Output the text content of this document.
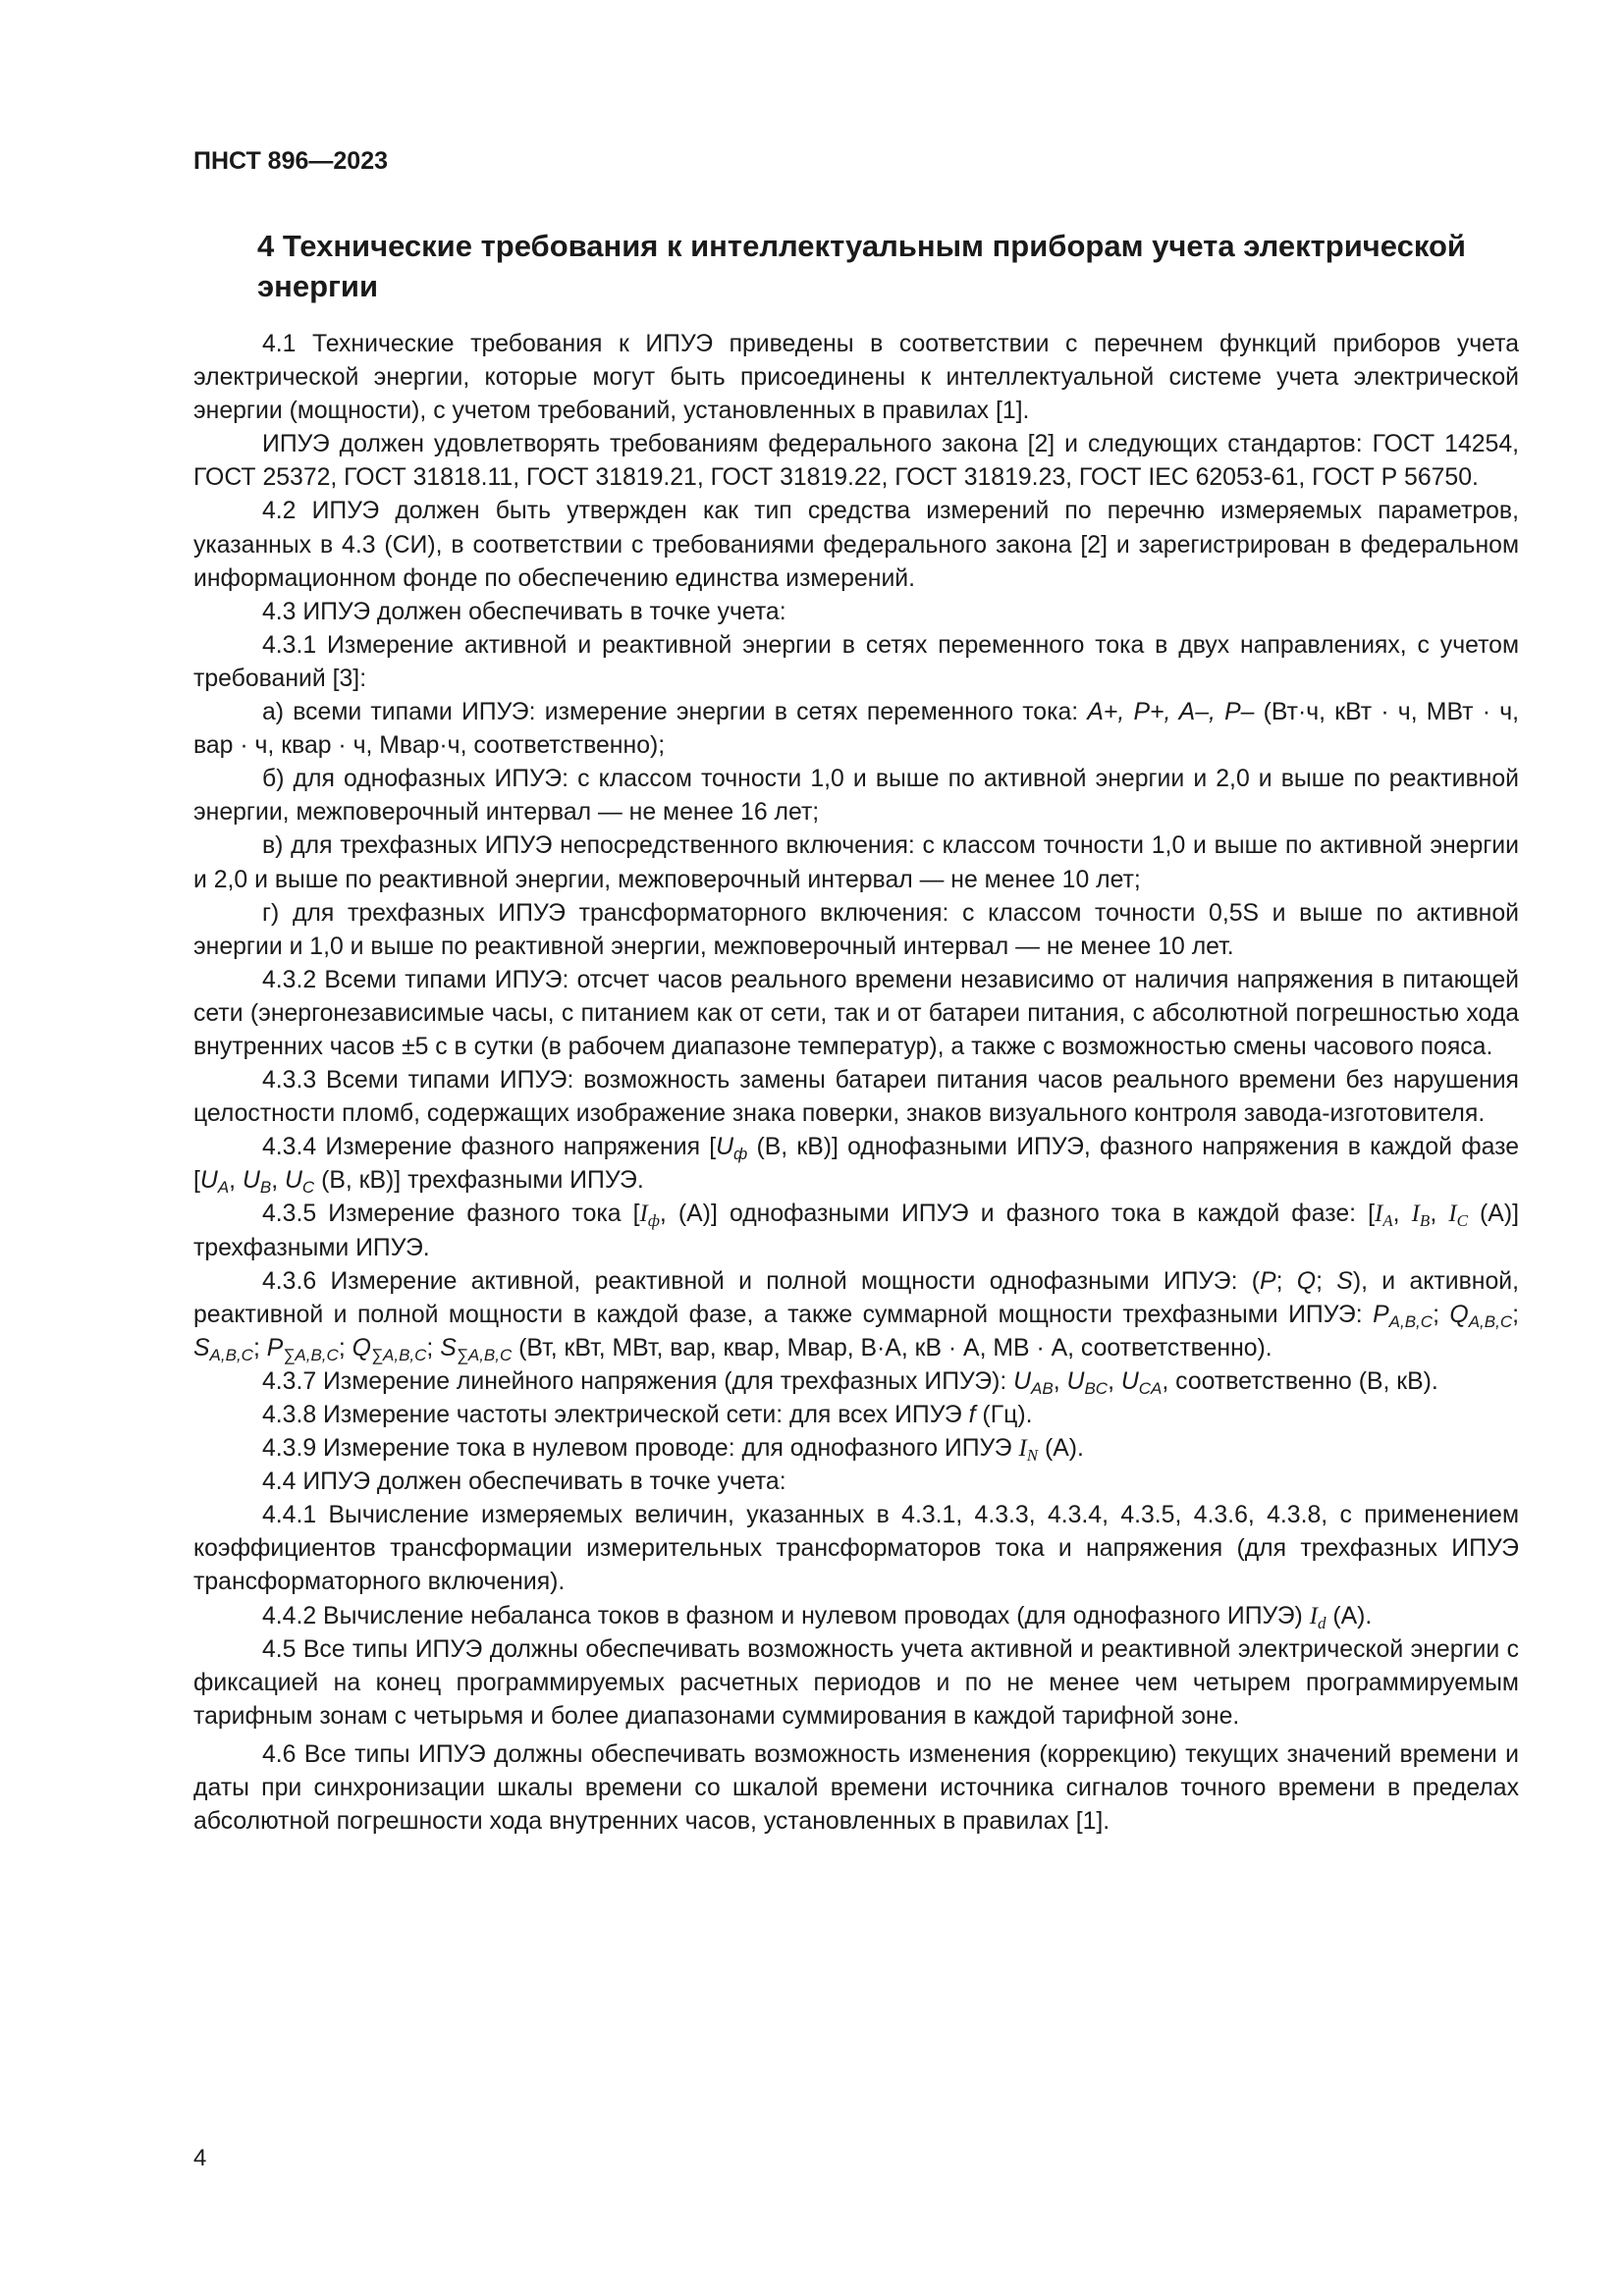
ПНСТ 896—2023
4 Технические требования к интеллектуальным приборам учета электрической энергии

4.1 Технические требования к ИПУЭ приведены в соответствии с перечнем функций приборов учета электрической энергии, которые могут быть присоединены к интеллектуальной системе учета электрической энергии (мощности), с учетом требований, установленных в правилах [1].

ИПУЭ должен удовлетворять требованиям федерального закона [2] и следующих стандартов: ГОСТ 14254, ГОСТ 25372, ГОСТ 31818.11, ГОСТ 31819.21, ГОСТ 31819.22, ГОСТ 31819.23, ГОСТ IEC 62053-61, ГОСТ Р 56750.

4.2 ИПУЭ должен быть утвержден как тип средства измерений по перечню измеряемых параметров, указанных в 4.3 (СИ), в соответствии с требованиями федерального закона [2] и зарегистрирован в федеральном информационном фонде по обеспечению единства измерений.

4.3 ИПУЭ должен обеспечивать в точке учета:

4.3.1 Измерение активной и реактивной энергии в сетях переменного тока в двух направлениях, с учетом требований [3]:

а) всеми типами ИПУЭ: измерение энергии в сетях переменного тока: A+, P+, A–, P– (Вт·ч, кВт · ч, МВт · ч, вар · ч, квар · ч, Мвар·ч, соответственно);

б) для однофазных ИПУЭ: с классом точности 1,0 и выше по активной энергии и 2,0 и выше по реактивной энергии, межповерочный интервал — не менее 16 лет;

в) для трехфазных ИПУЭ непосредственного включения: с классом точности 1,0 и выше по активной энергии и 2,0 и выше по реактивной энергии, межповерочный интервал — не менее 10 лет;

г) для трехфазных ИПУЭ трансформаторного включения: с классом точности 0,5S и выше по активной энергии и 1,0 и выше по реактивной энергии, межповерочный интервал — не менее 10 лет.

4.3.2 Всеми типами ИПУЭ: отсчет часов реального времени независимо от наличия напряжения в питающей сети (энергонезависимые часы, с питанием как от сети, так и от батареи питания, с абсолютной погрешностью хода внутренних часов ±5 с в сутки (в рабочем диапазоне температур), а также с возможностью смены часового пояса.

4.3.3 Всеми типами ИПУЭ: возможность замены батареи питания часов реального времени без нарушения целостности пломб, содержащих изображение знака поверки, знаков визуального контроля завода-изготовителя.

4.3.4 Измерение фазного напряжения [$U_ф$ (В, кВ)] однофазными ИПУЭ, фазного напряжения в каждой фазе [$U_A$, $U_B$, $U_C$ (В, кВ)] трехфазными ИПУЭ.

4.3.5 Измерение фазного тока [$I_ф$, (А)] однофазными ИПУЭ и фазного тока в каждой фазе: [$I_A$, $I_B$, $I_C$ (А)] трехфазными ИПУЭ.

4.3.6 Измерение активной, реактивной и полной мощности однофазными ИПУЭ: (P; Q; S), и активной, реактивной и полной мощности в каждой фазе, а также суммарной мощности трехфазными ИПУЭ: $P_{A,B,C}$; $Q_{A,B,C}$; $S_{A,B,C}$; $P_{\sum A,B,C}$; $Q_{\sum A,B,C}$; $S_{\sum A,B,C}$ (Вт, кВт, МВт, вар, квар, Мвар, В·А, кВ · А, МВ · А, соответственно).

4.3.7 Измерение линейного напряжения (для трехфазных ИПУЭ): $U_{AB}$, $U_{BC}$, $U_{CA}$, соответственно (В, кВ).

4.3.8 Измерение частоты электрической сети: для всех ИПУЭ f (Гц).

4.3.9 Измерение тока в нулевом проводе: для однофазного ИПУЭ $I_N$ (А).

4.4 ИПУЭ должен обеспечивать в точке учета:

4.4.1 Вычисление измеряемых величин, указанных в 4.3.1, 4.3.3, 4.3.4, 4.3.5, 4.3.6, 4.3.8, с применением коэффициентов трансформации измерительных трансформаторов тока и напряжения (для трехфазных ИПУЭ трансформаторного включения).

4.4.2 Вычисление небаланса токов в фазном и нулевом проводах (для однофазного ИПУЭ) $I_d$ (А).

4.5 Все типы ИПУЭ должны обеспечивать возможность учета активной и реактивной электрической энергии с фиксацией на конец программируемых расчетных периодов и по не менее чем четырем программируемым тарифным зонам с четырьмя и более диапазонами суммирования в каждой тарифной зоне.

4.6 Все типы ИПУЭ должны обеспечивать возможность изменения (коррекцию) текущих значений времени и даты при синхронизации шкалы времени со шкалой времени источника сигналов точного времени в пределах абсолютной погрешности хода внутренних часов, установленных в правилах [1].

4
